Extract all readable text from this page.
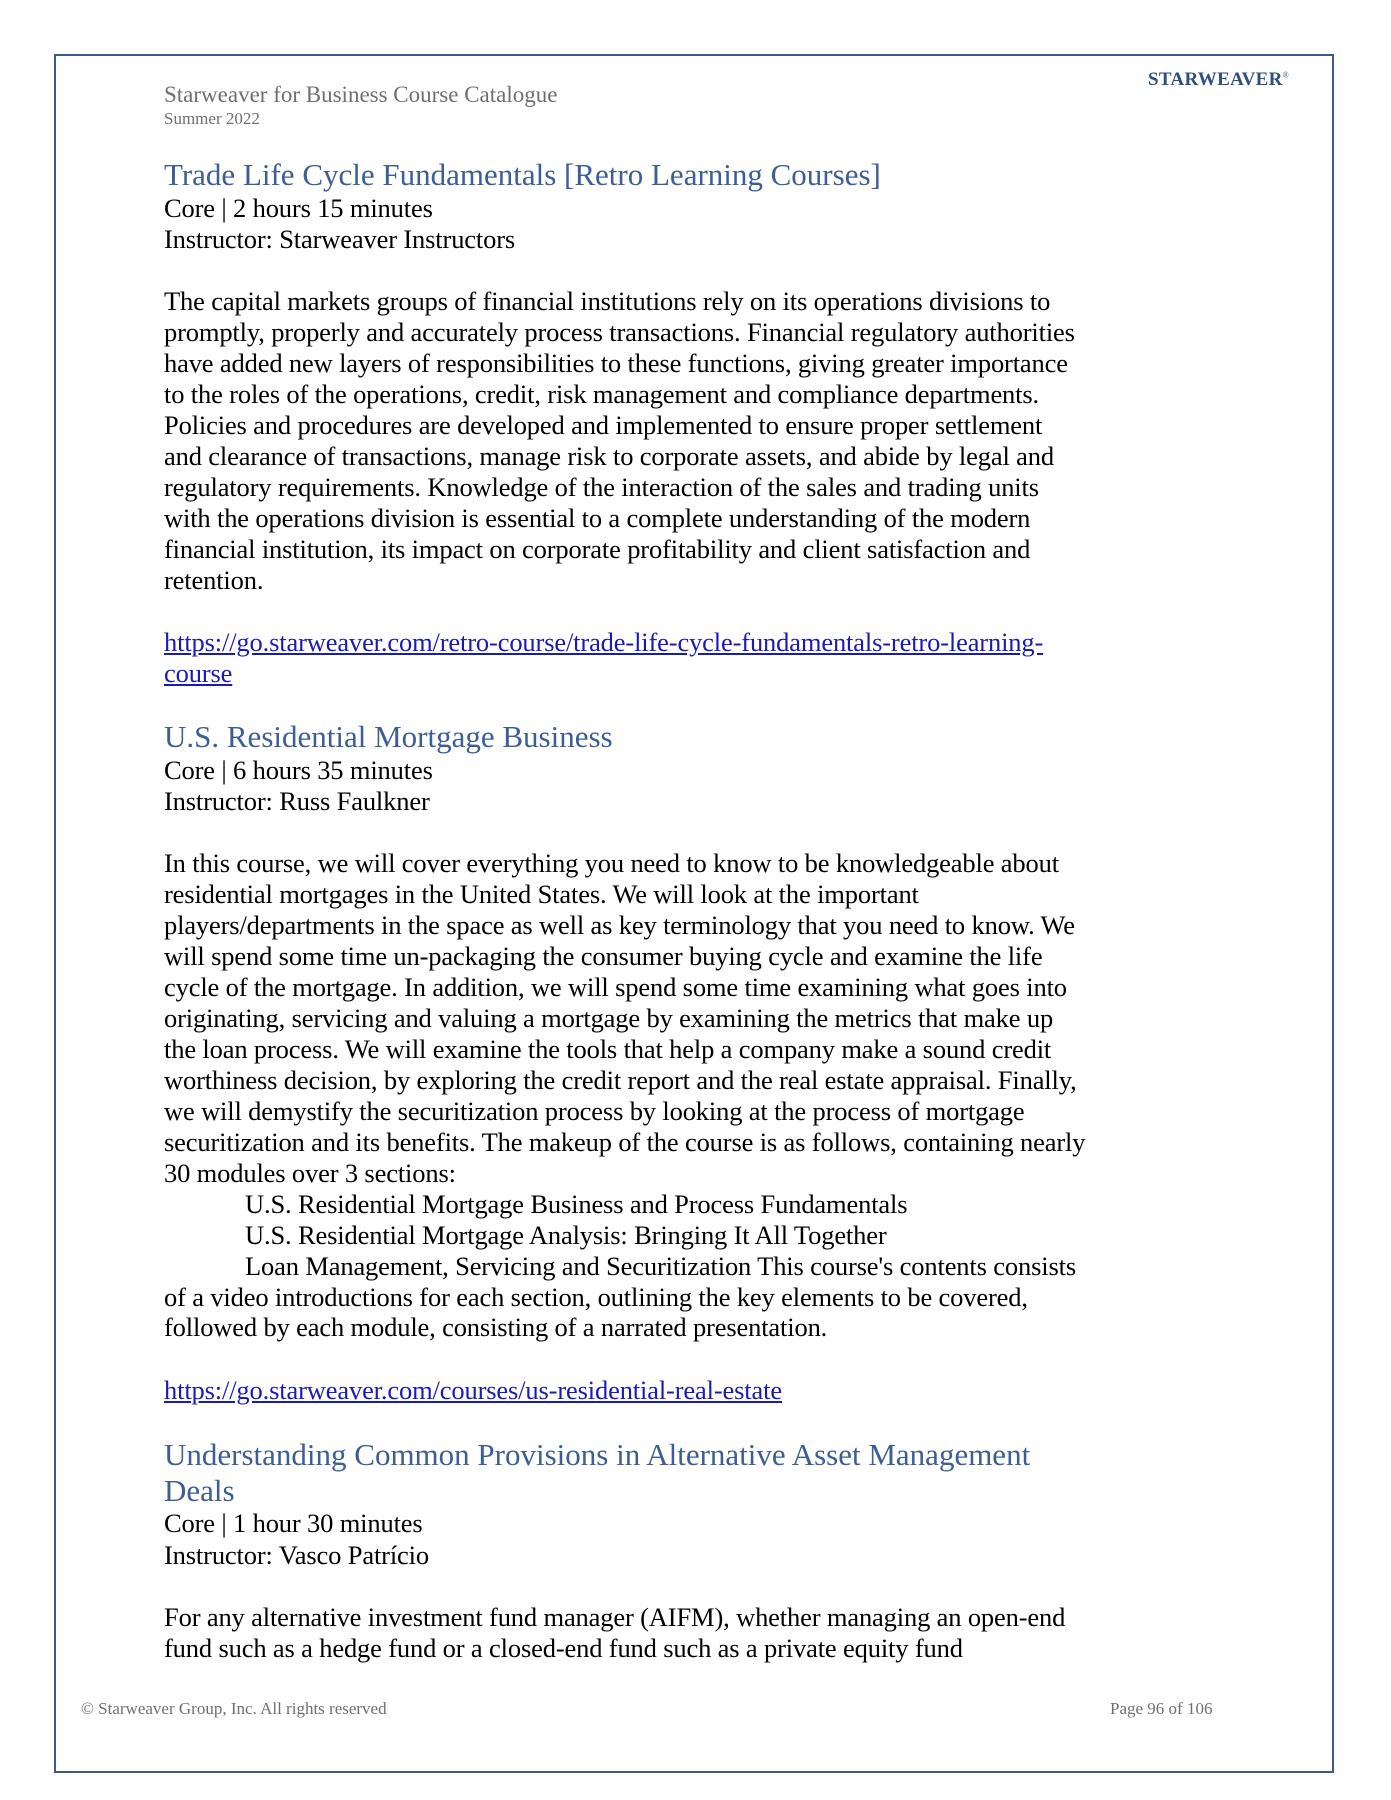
Starweaver for Business Course Catalogue
Summer 2022
STARWEAVER®
Trade Life Cycle Fundamentals [Retro Learning Courses]
Core | 2 hours 15 minutes
Instructor: Starweaver Instructors
The capital markets groups of financial institutions rely on its operations divisions to
promptly, properly and accurately process transactions. Financial regulatory authorities
have added new layers of responsibilities to these functions, giving greater importance
to the roles of the operations, credit, risk management and compliance departments.
Policies and procedures are developed and implemented to ensure proper settlement
and clearance of transactions, manage risk to corporate assets, and abide by legal and
regulatory requirements. Knowledge of the interaction of the sales and trading units
with the operations division is essential to a complete understanding of the modern
financial institution, its impact on corporate profitability and client satisfaction and
retention.
https://go.starweaver.com/retro-course/trade-life-cycle-fundamentals-retro-learning-
course
U.S. Residential Mortgage Business
Core | 6 hours 35 minutes
Instructor: Russ Faulkner
In this course, we will cover everything you need to know to be knowledgeable about
residential mortgages in the United States. We will look at the important
players/departments in the space as well as key terminology that you need to know. We
will spend some time un-packaging the consumer buying cycle and examine the life
cycle of the mortgage. In addition, we will spend some time examining what goes into
originating, servicing and valuing a mortgage by examining the metrics that make up
the loan process. We will examine the tools that help a company make a sound credit
worthiness decision, by exploring the credit report and the real estate appraisal. Finally,
we will demystify the securitization process by looking at the process of mortgage
securitization and its benefits. The makeup of the course is as follows, containing nearly
30 modules over 3 sections:
U.S. Residential Mortgage Business and Process Fundamentals
U.S. Residential Mortgage Analysis: Bringing It All Together
Loan Management, Servicing and Securitization This course's contents consists
of a video introductions for each section, outlining the key elements to be covered,
followed by each module, consisting of a narrated presentation.
https://go.starweaver.com/courses/us-residential-real-estate
Understanding Common Provisions in Alternative Asset Management
Deals
Core | 1 hour 30 minutes
Instructor: Vasco Patrício
For any alternative investment fund manager (AIFM), whether managing an open-end
fund such as a hedge fund or a closed-end fund such as a private equity fund
© Starweaver Group, Inc. All rights reserved	Page 96 of 106
